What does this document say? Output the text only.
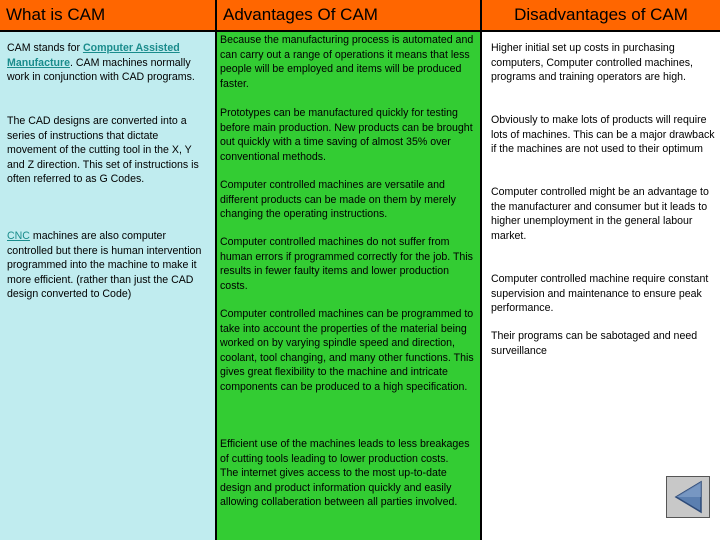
What is CAM
CAM stands for Computer Assisted Manufacture. CAM machines normally work in conjunction with CAD programs.
The CAD designs are converted into a series of instructions that dictate movement of the cutting tool in the X, Y and Z direction. This set of instructions is often referred to as G Codes.
CNC machines are also computer controlled but there is human intervention programmed into the machine to make it more efficient. (rather than just the CAD design converted to Code)
Advantages Of CAM
Because the manufacturing process is automated and can carry out a range of operations it means that less people will be employed and items will be produced faster.
Prototypes can be manufactured quickly for testing before main production. New products can be brought out quickly with a time saving of almost 35% over conventional methods.
Computer controlled machines are versatile and different products can be made on them by merely changing the operating instructions.
Computer controlled machines do not suffer from human errors if programmed correctly for the job. This results in fewer faulty items and lower production costs.
Computer controlled machines can be programmed to take into account the properties of the material being worked on by varying spindle speed and direction, coolant, tool changing, and many other functions. This gives great flexibility to the machine and intricate components can be produced to a high specification.
Efficient use of the machines leads to less breakages of cutting tools leading to lower production costs.
The internet gives access to the most up-to-date design and product information quickly and easily allowing collaberation between all parties involved.
Disadvantages of CAM
Higher initial set up costs in purchasing computers, Computer controlled machines, programs and training operators are high.
Obviously to make lots of products will require lots of machines. This can be a major drawback if the machines are not used to their optimum
Computer controlled might be an advantage to the manufacturer and consumer but it leads to higher unemployment in the general labour market.
Computer controlled machine require constant supervision and maintenance to ensure peak performance.
Their programs can be sabotaged and need surveillance
